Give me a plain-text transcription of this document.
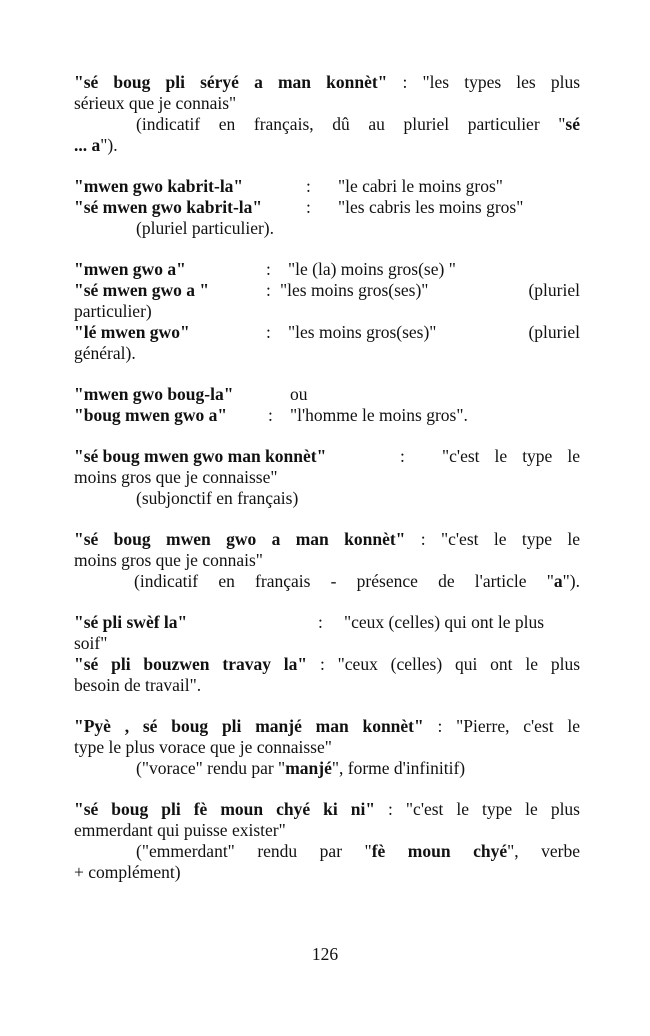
"sé boug pli séryé a man konnèt" : "les types les plus
sérieux que je connais"
(indicatif en français, dû au pluriel particulier "sé
... a").
"mwen gwo kabrit-la"	:	"le cabri le moins gros"
"sé mwen gwo kabrit-la"	:	"les cabris les moins gros"
(pluriel particulier).
"mwen gwo a"	: "le (la) moins gros(se) "
"sé mwen gwo a "	: "les moins gros(ses)"	(pluriel
particulier)
"lé mwen gwo"	: "les moins gros(ses)"	(pluriel
général).
"mwen gwo boug-la"	ou
"boug mwen gwo a"	: "l'homme le moins gros".
"sé boug mwen gwo man konnèt"	:	"c'est le type le
moins gros que je connaisse"
(subjonctif en français)
"sé boug mwen gwo a man konnèt" : "c'est le type le
moins gros que je connais"
(indicatif en français - présence de l'article "a").
"sé pli swèf la"	:	"ceux (celles) qui ont le plus
soif"
"sé pli bouzwen travay la" : "ceux (celles) qui ont le plus
besoin de travail".
"Pyè , sé boug pli manjé man konnèt" : "Pierre, c'est le
type le plus vorace que je connaisse"
("vorace" rendu par "manjé", forme d'infinitif)
"sé boug pli fè moun chyé ki ni" : "c'est le type le plus
emmerdant qui puisse exister"
("emmerdant" rendu par "fè moun chyé", verbe
+ complément)
126
